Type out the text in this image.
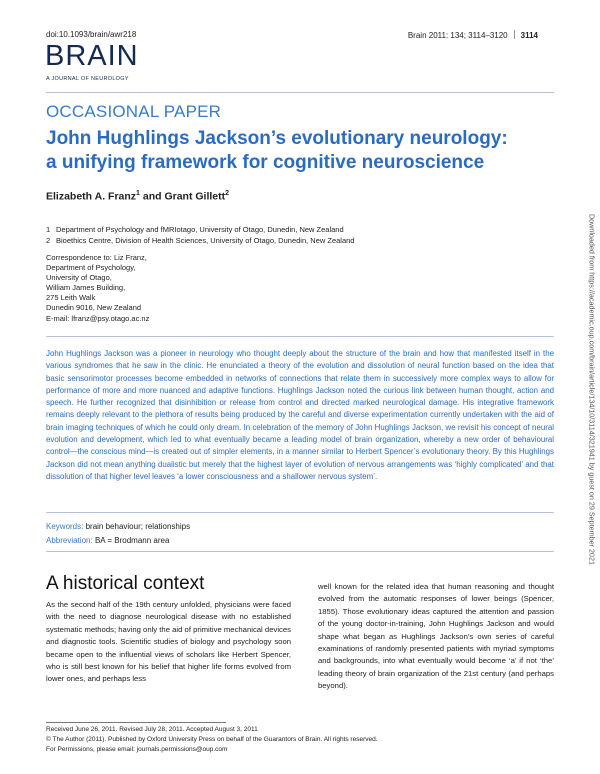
doi:10.1093/brain/awr218	Brain 2011: 134; 3114–3120 3114
BRAIN
A JOURNAL OF NEUROLOGY
OCCASIONAL PAPER
John Hughlings Jackson’s evolutionary neurology:
a unifying framework for cognitive neuroscience
Elizabeth A. Franz$^1$ and Grant Gillett$^2$
1 Department of Psychology and fMRIotago, University of Otago, Dunedin, New Zealand
2 Bioethics Centre, Division of Health Sciences, University of Otago, Dunedin, New Zealand
Correspondence to: Liz Franz,
Department of Psychology,
University of Otago,
William James Building,
275 Leith Walk
Dunedin 9016, New Zealand
E-mail: lfranz@psy.otago.ac.nz
John Hughlings Jackson was a pioneer in neurology who thought deeply about the structure of the brain and how that manifested itself in the various syndromes that he saw in the clinic. He enunciated a theory of the evolution and dissolution of neural function based on the idea that basic sensorimotor processes become embedded in networks of connections that relate them in successively more complex ways to allow for performance of more and more nuanced and adaptive functions. Hughlings Jackson noted the curious link between human thought, action and speech. He further recognized that disinhibition or release from control and directed marked neurological damage. His integrative framework remains deeply relevant to the plethora of results being produced by the careful and diverse experimentation currently undertaken with the aid of brain imaging techniques of which he could only dream. In celebration of the memory of John Hughlings Jackson, we revisit his concept of neural evolution and development, which led to what eventually became a leading model of brain organization, whereby a new order of behavioural control—the conscious mind—is created out of simpler elements, in a manner similar to Herbert Spencer’s evolutionary theory. By this Hughlings Jackson did not mean anything dualistic but merely that the highest layer of evolution of nervous arrangements was ‘highly complicated’ and that dissolution of that higher level leaves ‘a lower consciousness and a shallower nervous system’.
Keywords: brain behaviour; relationships
Abbreviation: BA = Brodmann area
A historical context
As the second half of the 19th century unfolded, physicians were faced with the need to diagnose neurological disease with no established systematic methods; having only the aid of primitive mechanical devices and diagnostic tools. Scientific studies of biology and psychology soon became open to the influential views of scholars like Herbert Spencer, who is still best known for his belief that higher life forms evolved from lower ones, and perhaps less
well known for the related idea that human reasoning and thought evolved from the automatic responses of lower beings (Spencer, 1855). Those evolutionary ideas captured the attention and passion of the young doctor-in-training, John Hughlings Jackson and would shape what began as Hughlings Jackson’s own series of careful examinations of randomly presented patients with myriad symptoms and backgrounds, into what eventually would become ‘a’ if not ‘the’ leading theory of brain organization of the 21st century (and perhaps beyond).
Received June 26, 2011. Revised July 28, 2011. Accepted August 3, 2011
© The Author (2011). Published by Oxford University Press on behalf of the Guarantors of Brain. All rights reserved.
For Permissions, please email: journals.permissions@oup.com
Downloaded from https://academic.oup.com/brain/article/134/10/3114/321941 by guest on 29 September 2021
